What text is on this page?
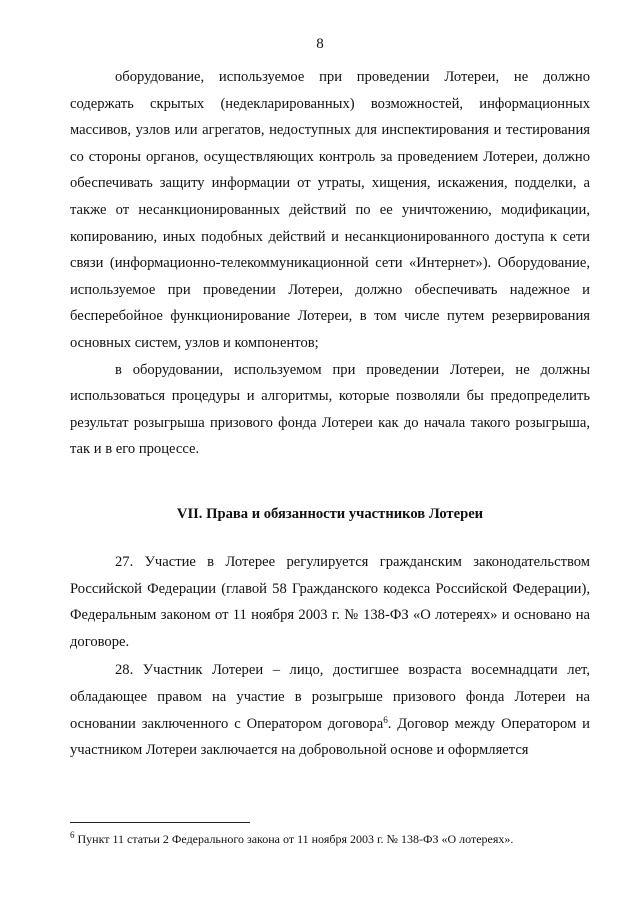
8

оборудование, используемое при проведении Лотереи, не должно содержать скрытых (недекларированных) возможностей, информационных массивов, узлов или агрегатов, недоступных для инспектирования и тестирования со стороны органов, осуществляющих контроль за проведением Лотереи, должно обеспечивать защиту информации от утраты, хищения, искажения, подделки, а также от несанкционированных действий по ее уничтожению, модификации, копированию, иных подобных действий и несанкционированного доступа к сети связи (информационно-телекоммуникационной сети «Интернет»). Оборудование, используемое при проведении Лотереи, должно обеспечивать надежное и бесперебойное функционирование Лотереи, в том числе путем резервирования основных систем, узлов и компонентов;

в оборудовании, используемом при проведении Лотереи, не должны использоваться процедуры и алгоритмы, которые позволяли бы предопределить результат розыгрыша призового фонда Лотереи как до начала такого розыгрыша, так и в его процессе.

VII. Права и обязанности участников Лотереи

27. Участие в Лотерее регулируется гражданским законодательством Российской Федерации (главой 58 Гражданского кодекса Российской Федерации), Федеральным законом от 11 ноября 2003 г. № 138-ФЗ «О лотереях» и основано на договоре.

28. Участник Лотереи – лицо, достигшее возраста восемнадцати лет, обладающее правом на участие в розыгрыше призового фонда Лотереи на основании заключенного с Оператором договора$^6$. Договор между Оператором и участником Лотереи заключается на добровольной основе и оформляется

$^6$ Пункт 11 статьи 2 Федерального закона от 11 ноября 2003 г. № 138-ФЗ «О лотереях».
